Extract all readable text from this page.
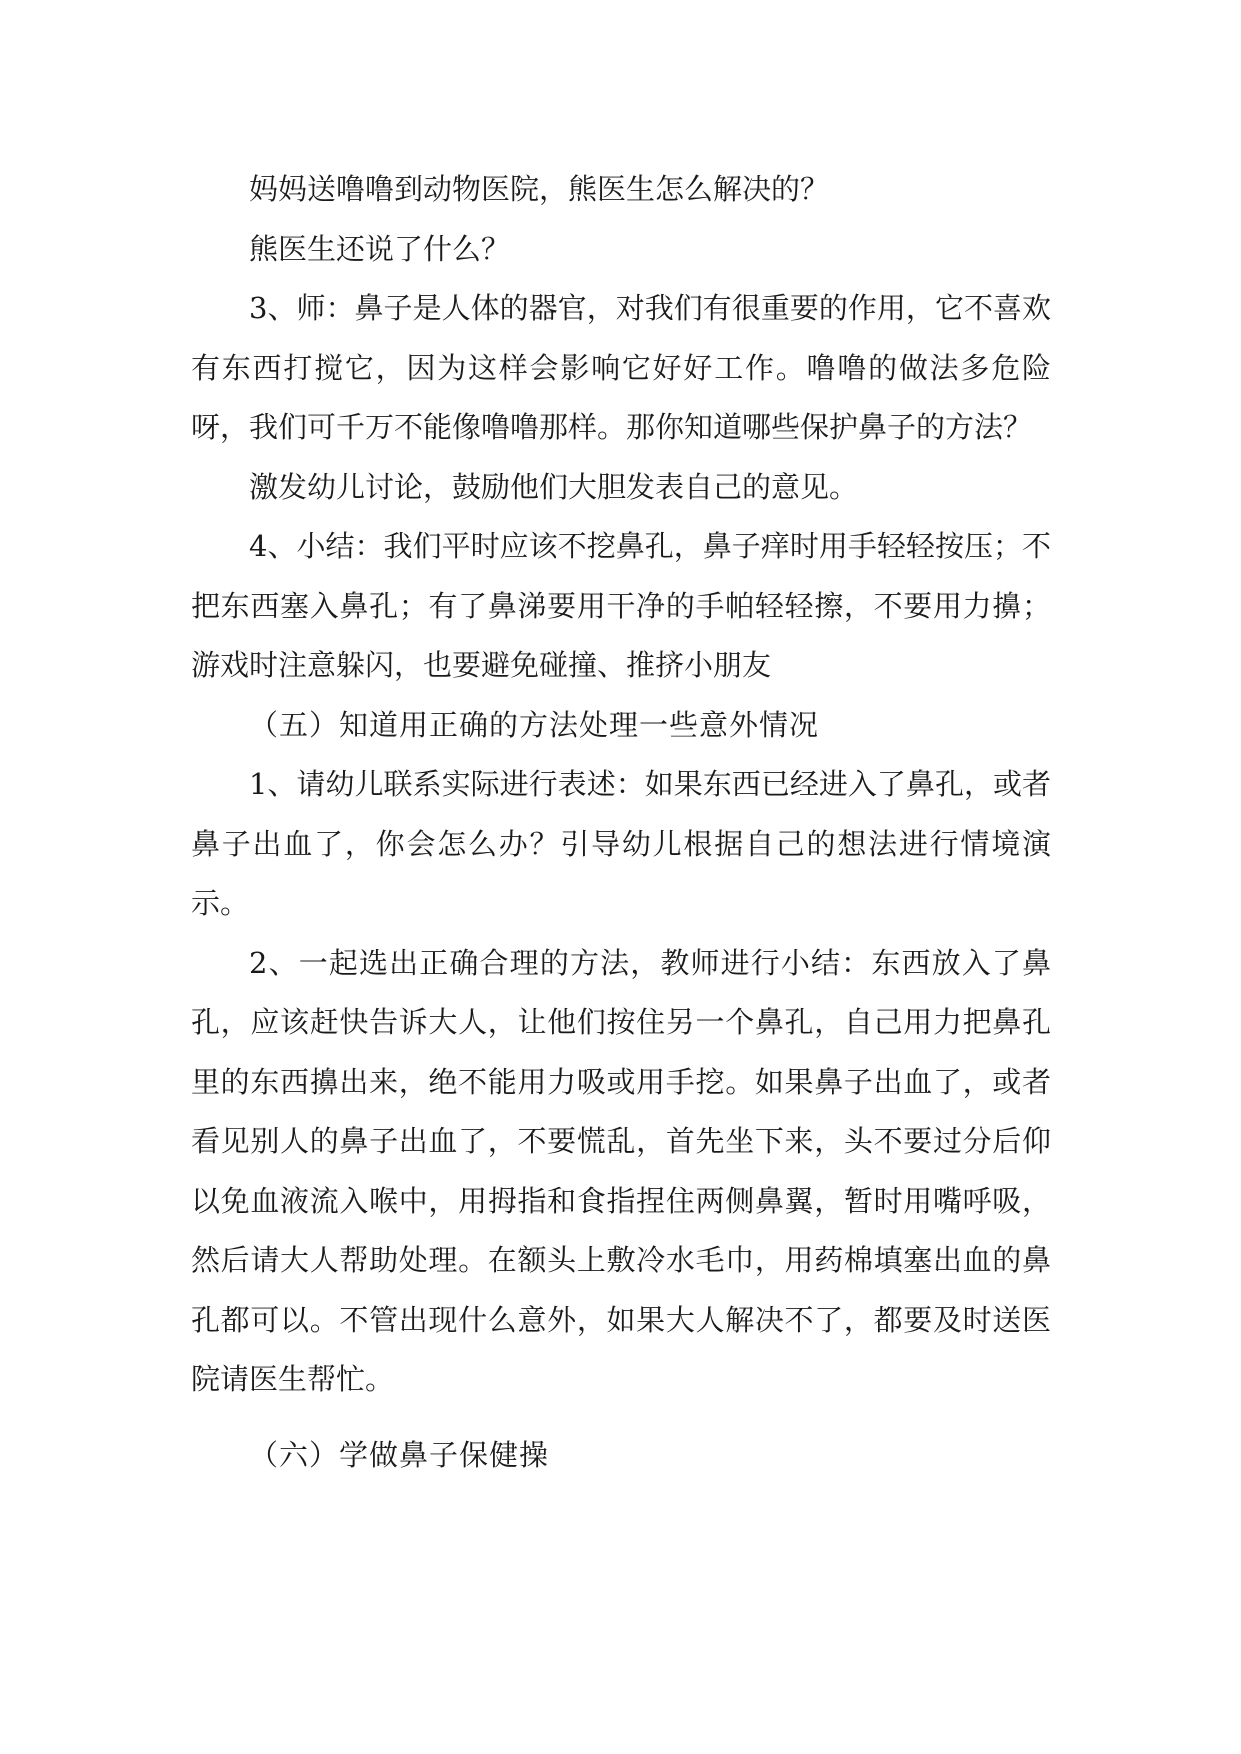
妈妈送噜噜到动物医院，熊医生怎么解决的？

熊医生还说了什么？

3、师：鼻子是人体的器官，对我们有很重要的作用，它不喜欢有东西打搅它，因为这样会影响它好好工作。噜噜的做法多危险呀，我们可千万不能像噜噜那样。那你知道哪些保护鼻子的方法？

激发幼儿讨论，鼓励他们大胆发表自己的意见。

4、小结：我们平时应该不挖鼻孔，鼻子痒时用手轻轻按压；不把东西塞入鼻孔；有了鼻涕要用干净的手帕轻轻擦，不要用力擤；游戏时注意躲闪，也要避免碰撞、推挤小朋友

（五）知道用正确的方法处理一些意外情况

1、请幼儿联系实际进行表述：如果东西已经进入了鼻孔，或者鼻子出血了，你会怎么办？引导幼儿根据自己的想法进行情境演示。

2、一起选出正确合理的方法，教师进行小结：东西放入了鼻孔，应该赶快告诉大人，让他们按住另一个鼻孔，自己用力把鼻孔里的东西擤出来，绝不能用力吸或用手挖。如果鼻子出血了，或者看见别人的鼻子出血了，不要慌乱，首先坐下来，头不要过分后仰以免血液流入喉中，用拇指和食指捏住两侧鼻翼，暂时用嘴呼吸，然后请大人帮助处理。在额头上敷冷水毛巾，用药棉填塞出血的鼻孔都可以。不管出现什么意外，如果大人解决不了，都要及时送医院请医生帮忙。

（六）学做鼻子保健操
